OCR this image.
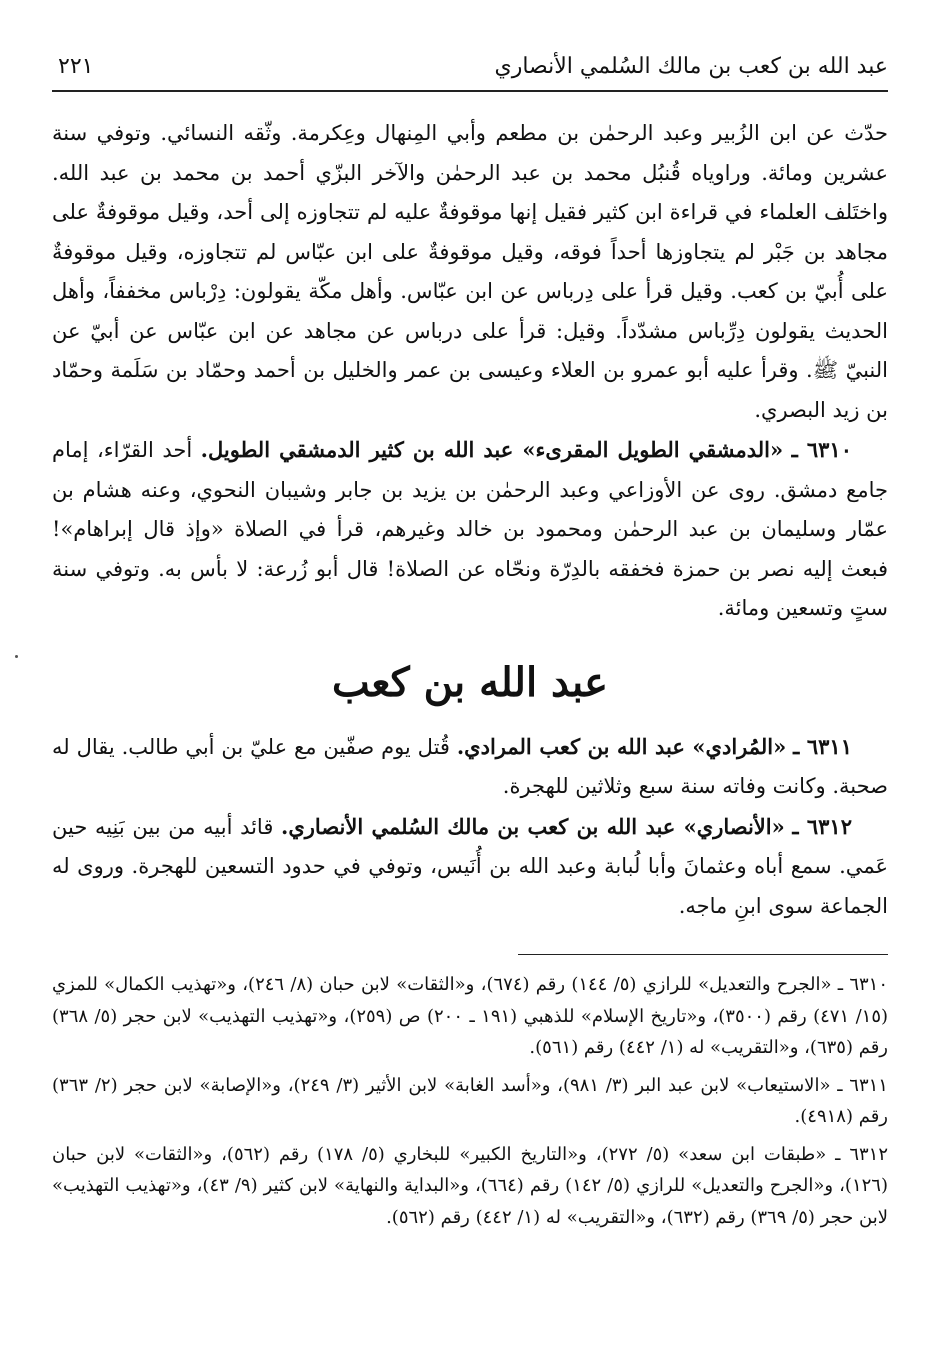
عبد الله بن كعب بن مالك السُلمي الأنصاري
٢٢١

حدّث عن ابن الزُبير وعبد الرحمٰن بن مطعم وأبي المِنهال وعِكرمة. وثّقه النسائي. وتوفي سنة عشرين ومائة. وراوياه قُنبُل محمد بن عبد الرحمٰن والآخر البزّي أحمد بن محمد بن عبد الله. واختَلف العلماء في قراءة ابن كثير فقيل إنها موقوفةٌ عليه لم تتجاوزه إلى أحد، وقيل موقوفةٌ على مجاهد بن جَبْر لم يتجاوزها أحداً فوقه، وقيل موقوفةٌ على ابن عبّاس لم تتجاوزه، وقيل موقوفةٌ على أُبيّ بن كعب. وقيل قرأ على دِرباس عن ابن عبّاس. وأهل مكّة يقولون: دِرْباس مخففاً، وأهل الحديث يقولون دِرِّباس مشدّداً. وقيل: قرأ على درباس عن مجاهد عن ابن عبّاس عن أبيّ عن النبيّ ﷺ. وقرأ عليه أبو عمرو بن العلاء وعيسى بن عمر والخليل بن أحمد وحمّاد بن سَلَمة وحمّاد بن زيد البصري.

٦٣١٠ ـ «الدمشقي الطويل المقرىء» عبد الله بن كثير الدمشقي الطويل. أحد القرّاء، إمام جامع دمشق. روى عن الأوزاعي وعبد الرحمٰن بن يزيد بن جابر وشيبان النحوي، وعنه هشام بن عمّار وسليمان بن عبد الرحمٰن ومحمود بن خالد وغيرهم، قرأ في الصلاة «وإذ قال إبراهام»! فبعث إليه نصر بن حمزة فخفقه بالدِرّة ونحّاه عن الصلاة! قال أبو زُرعة: لا بأس به. وتوفي سنة ستٍ وتسعين ومائة.

عبد الله بن كعب

٦٣١١ ـ «المُرادي» عبد الله بن كعب المرادي. قُتل يوم صفّين مع عليّ بن أبي طالب. يقال له صحبة. وكانت وفاته سنة سبع وثلاثين للهجرة.

٦٣١٢ ـ «الأنصاري» عبد الله بن كعب بن مالك السُلمي الأنصاري. قائد أبيه من بين بَنِيه حين عَمي. سمع أباه وعثمانَ وأبا لُبابة وعبد الله بن أُنَيس، وتوفي في حدود التسعين للهجرة. وروى له الجماعة سوى ابنِ ماجه.

٦٣١٠ ـ «الجرح والتعديل» للرازي (٥/ ١٤٤) رقم (٦٧٤)، و«الثقات» لابن حبان (٨/ ٢٤٦)، و«تهذيب الكمال» للمزي (١٥/ ٤٧١) رقم (٣٥٠٠)، و«تاريخ الإسلام» للذهبي (١٩١ ـ ٢٠٠) ص (٢٥٩)، و«تهذيب التهذيب» لابن حجر (٥/ ٣٦٨) رقم (٦٣٥)، و«التقريب» له (١/ ٤٤٢) رقم (٥٦١).

٦٣١١ ـ «الاستيعاب» لابن عبد البر (٣/ ٩٨١)، و«أسد الغابة» لابن الأثير (٣/ ٢٤٩)، و«الإصابة» لابن حجر (٢/ ٣٦٣) رقم (٤٩١٨).

٦٣١٢ ـ «طبقات ابن سعد» (٥/ ٢٧٢)، و«التاريخ الكبير» للبخاري (٥/ ١٧٨) رقم (٥٦٢)، و«الثقات» لابن حبان (١٢٦)، و«الجرح والتعديل» للرازي (٥/ ١٤٢) رقم (٦٦٤)، و«البداية والنهاية» لابن كثير (٩/ ٤٣)، و«تهذيب التهذيب» لابن حجر (٥/ ٣٦٩) رقم (٦٣٢)، و«التقريب» له (١/ ٤٤٢) رقم (٥٦٢).
